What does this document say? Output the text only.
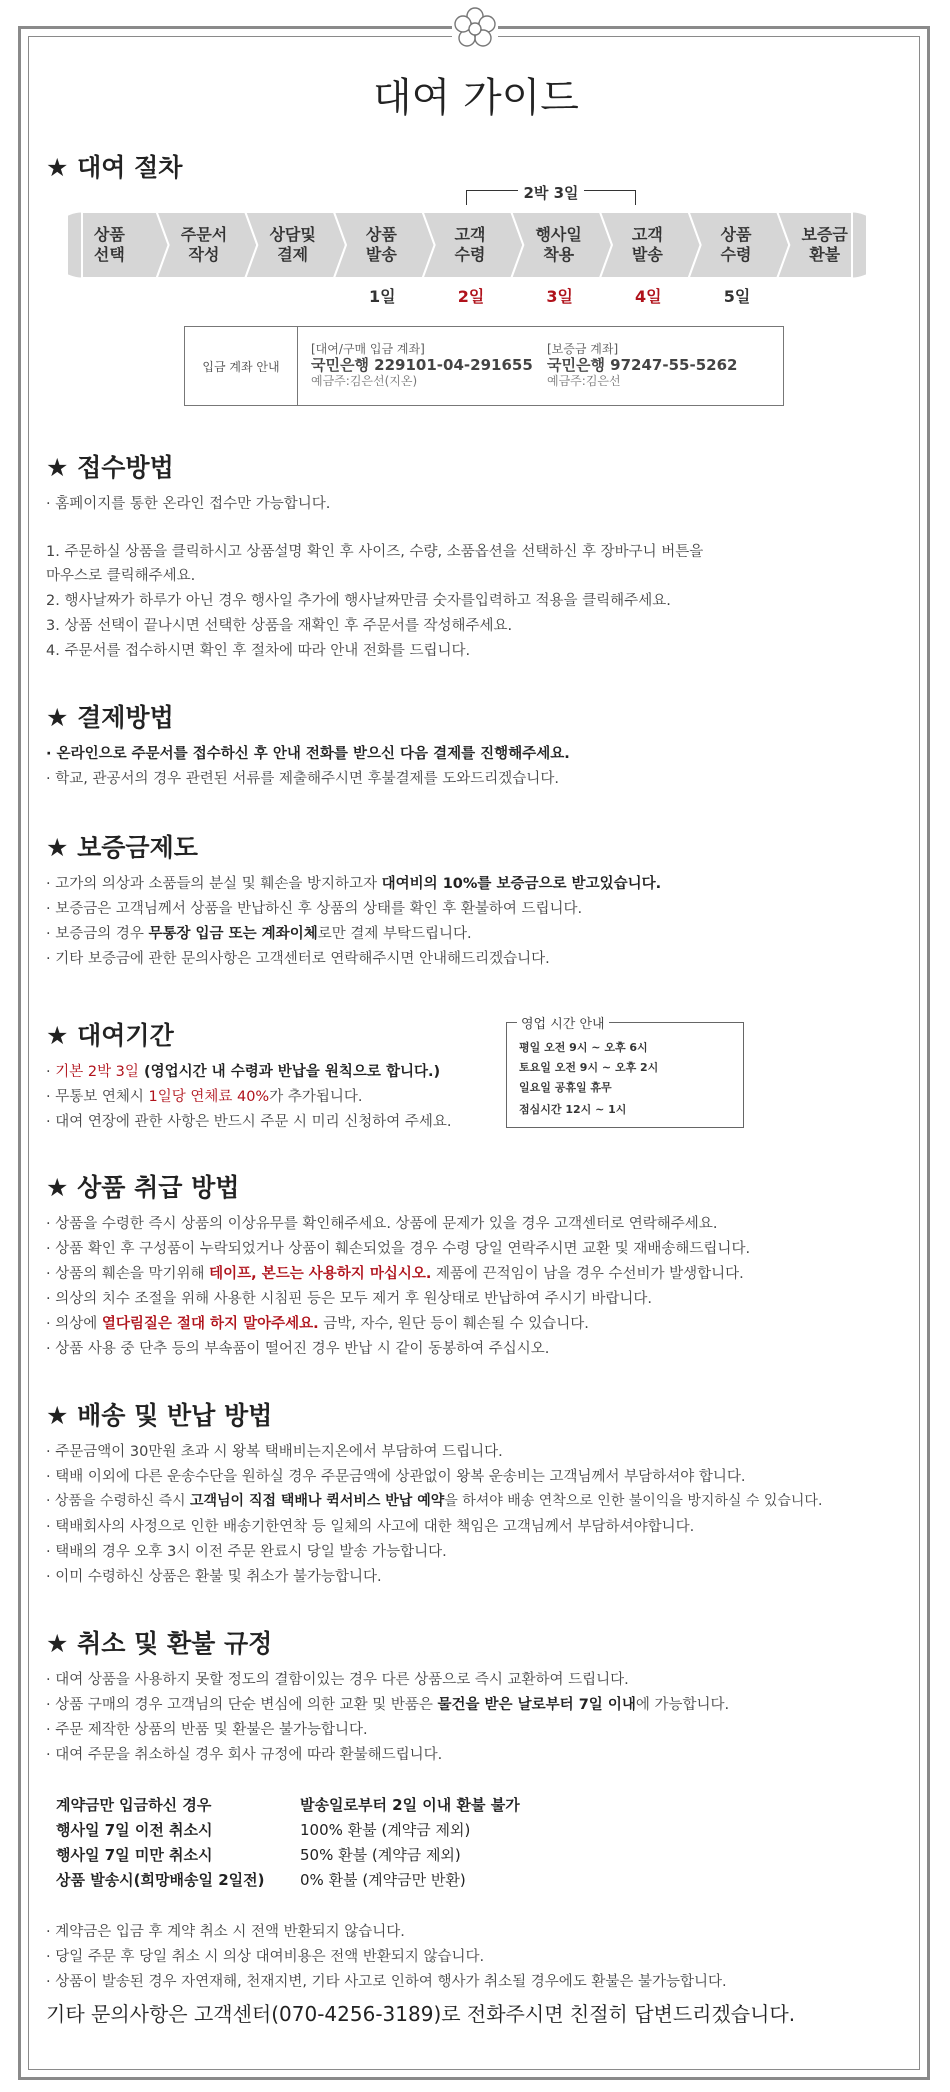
대여 가이드
★ 대여 절차
2박 3일
상품
선택
주문서
작성
상담및
결제
상품
발송
고객
수령
행사일
착용
고객
발송
상품
수령
보증금
환불
1일	2일	3일	4일	5일
입금 계좌 안내
[대여/구매 입금 계좌]
국민은행 229101-04-291655
예금주:김은선(지온)
[보증금 계좌]
국민은행 97247-55-5262
예금주:김은선
★ 접수방법
· 홈페이지를 통한 온라인 접수만 가능합니다.
1. 주문하실 상품을 클릭하시고 상품설명 확인 후 사이즈, 수량, 소품옵션을 선택하신 후 장바구니 버튼을
마우스로 클릭해주세요.
2. 행사날짜가 하루가 아닌 경우 행사일 추가에 행사날짜만큼 숫자를입력하고 적용을 클릭해주세요.
3. 상품 선택이 끝나시면 선택한 상품을 재확인 후 주문서를 작성해주세요.
4. 주문서를 접수하시면 확인 후 절차에 따라 안내 전화를 드립니다.
★ 결제방법
· 온라인으로 주문서를 접수하신 후 안내 전화를 받으신 다음 결제를 진행해주세요.
· 학교, 관공서의 경우 관련된 서류를 제출해주시면 후불결제를 도와드리겠습니다.
★ 보증금제도
· 고가의 의상과 소품들의 분실 및 훼손을 방지하고자 대여비의 10%를 보증금으로 받고있습니다.
· 보증금은 고객님께서 상품을 반납하신 후 상품의 상태를 확인 후 환불하여 드립니다.
· 보증금의 경우 무통장 입금 또는 계좌이체로만 결제 부탁드립니다.
· 기타 보증금에 관한 문의사항은 고객센터로 연락해주시면 안내해드리겠습니다.
★ 대여기간
· 기본 2박 3일 (영업시간 내 수령과 반납을 원칙으로 합니다.)
· 무통보 연체시 1일당 연체료 40%가 추가됩니다.
· 대여 연장에 관한 사항은 반드시 주문 시 미리 신청하여 주세요.
영업 시간 안내
평일 오전 9시 ~ 오후 6시
토요일 오전 9시 ~ 오후 2시
일요일 공휴일 휴무
점심시간 12시 ~ 1시
★ 상품 취급 방법
· 상품을 수령한 즉시 상품의 이상유무를 확인해주세요. 상품에 문제가 있을 경우 고객센터로 연락해주세요.
· 상품 확인 후 구성품이 누락되었거나 상품이 훼손되었을 경우 수령 당일 연락주시면 교환 및 재배송해드립니다.
· 상품의 훼손을 막기위해 테이프, 본드는 사용하지 마십시오. 제품에 끈적임이 남을 경우 수선비가 발생합니다.
· 의상의 치수 조절을 위해 사용한 시침핀 등은 모두 제거 후 원상태로 반납하여 주시기 바랍니다.
· 의상에 열다림질은 절대 하지 말아주세요. 금박, 자수, 원단 등이 훼손될 수 있습니다.
· 상품 사용 중 단추 등의 부속품이 떨어진 경우 반납 시 같이 동봉하여 주십시오.
★ 배송 및 반납 방법
· 주문금액이 30만원 초과 시 왕복 택배비는지온에서 부담하여 드립니다.
· 택배 이외에 다른 운송수단을 원하실 경우 주문금액에 상관없이 왕복 운송비는 고객님께서 부담하셔야 합니다.
· 상품을 수령하신 즉시 고객님이 직접 택배나 퀵서비스 반납 예약을 하셔야 배송 연착으로 인한 불이익을 방지하실 수 있습니다.
· 택배회사의 사정으로 인한 배송기한연착 등 일체의 사고에 대한 책임은 고객님께서 부담하셔야합니다.
· 택배의 경우 오후 3시 이전 주문 완료시 당일 발송 가능합니다.
· 이미 수령하신 상품은 환불 및 취소가 불가능합니다.
★ 취소 및 환불 규정
· 대여 상품을 사용하지 못할 정도의 결함이있는 경우 다른 상품으로 즉시 교환하여 드립니다.
· 상품 구매의 경우 고객님의 단순 변심에 의한 교환 및 반품은 물건을 받은 날로부터 7일 이내에 가능합니다.
· 주문 제작한 상품의 반품 및 환불은 불가능합니다.
· 대여 주문을 취소하실 경우 회사 규정에 따라 환불해드립니다.
계약금만 입금하신 경우	발송일로부터 2일 이내 환불 불가
행사일 7일 이전 취소시	100% 환불 (계약금 제외)
행사일 7일 미만 취소시	50% 환불 (계약금 제외)
상품 발송시(희망배송일 2일전) 0% 환불 (계약금만 반환)
· 계약금은 입금 후 계약 취소 시 전액 반환되지 않습니다.
· 당일 주문 후 당일 취소 시 의상 대여비용은 전액 반환되지 않습니다.
· 상품이 발송된 경우 자연재해, 천재지변, 기타 사고로 인하여 행사가 취소될 경우에도 환불은 불가능합니다.
기타 문의사항은 고객센터(070-4256-3189)로 전화주시면 친절히 답변드리겠습니다.
